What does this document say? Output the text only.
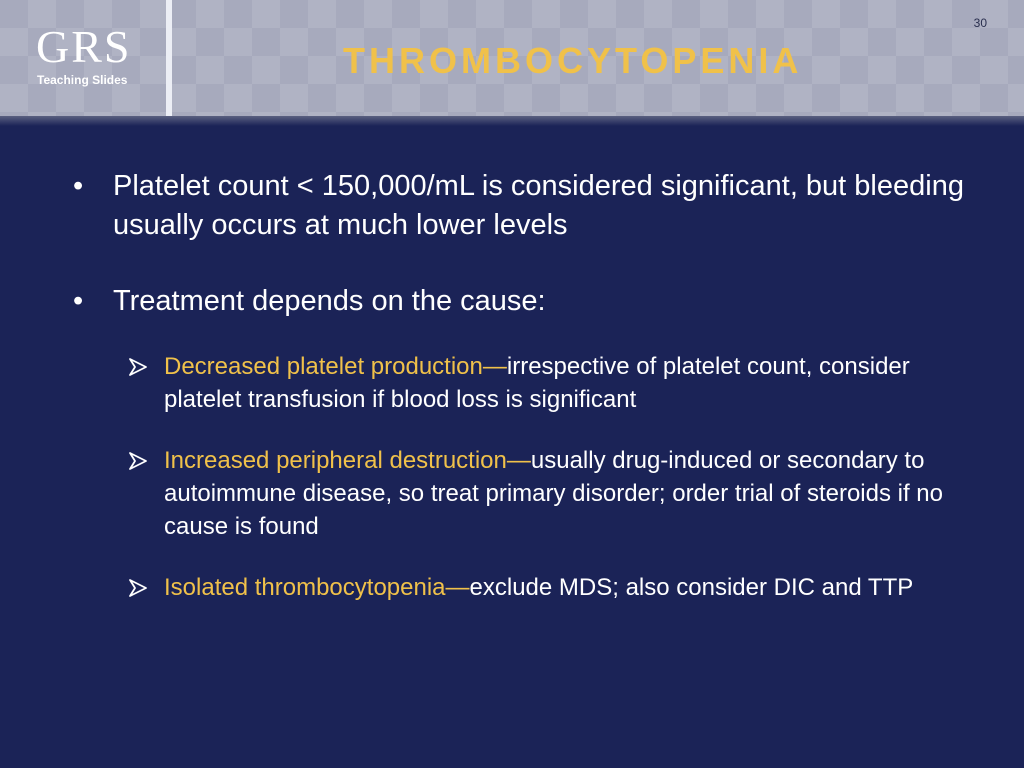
GRS
Teaching Slides	THROMBOCYTOPENIA
30
• Platelet count < 150,000/mL is considered significant, but bleeding usually occurs at much lower levels
• Treatment depends on the cause:
Decreased platelet production—irrespective of platelet count, consider platelet transfusion if blood loss is significant
Increased peripheral destruction—usually drug-induced or secondary to autoimmune disease, so treat primary disorder; order trial of steroids if no cause is found
Isolated thrombocytopenia—exclude MDS; also consider DIC and TTP
